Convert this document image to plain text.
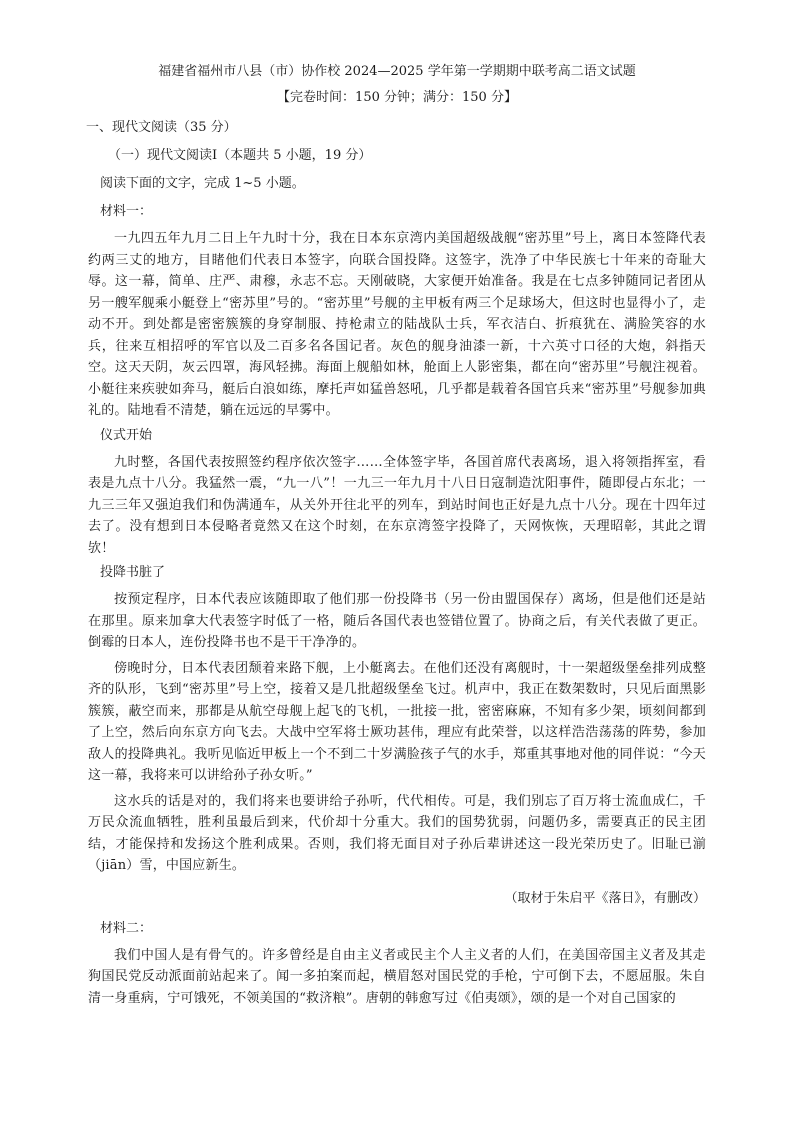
福建省福州市八县（市）协作校 2024—2025 学年第一学期期中联考高二语文试题

【完卷时间：150 分钟；满分：150 分】

一、现代文阅读（35 分）

（一）现代文阅读Ⅰ（本题共 5 小题，19 分）

阅读下面的文字，完成 1~5 小题。

材料一：

一九四五年九月二日上午九时十分，我在日本东京湾内美国超级战舰“密苏里”号上，离日本签降代表约两三丈的地方，目睹他们代表日本签字，向联合国投降。这签字，洗净了中华民族七十年来的奇耻大辱。这一幕，简单、庄严、肃穆，永志不忘。天刚破晓，大家便开始准备。我是在七点多钟随同记者团从另一艘军舰乘小艇登上“密苏里”号的。“密苏里”号舰的主甲板有两三个足球场大，但这时也显得小了，走动不开。到处都是密密簇簇的身穿制服、持枪肃立的陆战队士兵，军衣洁白、折痕犹在、满脸笑容的水兵，往来互相招呼的军官以及二百多名各国记者。灰色的舰身油漆一新，十六英寸口径的大炮，斜指天空。这天天阴，灰云四罩，海风轻拂。海面上舰船如林，舱面上人影密集，都在向“密苏里”号舰注视着。小艇往来疾驶如奔马，艇后白浪如练，摩托声如猛兽怒吼，几乎都是载着各国官兵来“密苏里”号舰参加典礼的。陆地看不清楚，躺在远远的早雾中。

仪式开始

九时整，各国代表按照签约程序依次签字……全体签字毕，各国首席代表离场，退入将领指挥室，看表是九点十八分。我猛然一震，“九一八”！一九三一年九月十八日日寇制造沈阳事件，随即侵占东北；一九三三年又强迫我们和伪满通车，从关外开往北平的列车，到站时间也正好是九点十八分。现在十四年过去了。没有想到日本侵略者竟然又在这个时刻，在东京湾签字投降了，天网恢恢，天理昭彰，其此之谓欤！

投降书脏了

按预定程序，日本代表应该随即取了他们那一份投降书（另一份由盟国保存）离场，但是他们还是站在那里。原来加拿大代表签字时低了一格，随后各国代表也签错位置了。协商之后，有关代表做了更正。倒霉的日本人，连份投降书也不是干干净净的。

傍晚时分，日本代表团颓着来路下舰，上小艇离去。在他们还没有离舰时，十一架超级堡垒排列成整齐的队形，飞到“密苏里”号上空，接着又是几批超级堡垒飞过。机声中，我正在数架数时，只见后面黑影簇簇，蔽空而来，那都是从航空母舰上起飞的飞机，一批接一批，密密麻麻，不知有多少架，顷刻间都到了上空，然后向东京方向飞去。大战中空军将士厥功甚伟，理应有此荣誉，以这样浩浩荡荡的阵势，参加敌人的投降典礼。我听见临近甲板上一个不到二十岁满脸孩子气的水手，郑重其事地对他的同伴说：“今天这一幕，我将来可以讲给孙子孙女听。”

这水兵的话是对的，我们将来也要讲给子孙听，代代相传。可是，我们别忘了百万将士流血成仁，千万民众流血牺牲，胜利虽最后到来，代价却十分重大。我们的国势犹弱，问题仍多，需要真正的民主团结，才能保持和发扬这个胜利成果。否则，我们将无面目对子孙后辈讲述这一段光荣历史了。旧耻已湔（jiān）雪，中国应新生。

（取材于朱启平《落日》，有删改）

材料二：

我们中国人是有骨气的。许多曾经是自由主义者或民主个人主义者的人们，在美国帝国主义者及其走狗国民党反动派面前站起来了。闻一多拍案而起，横眉怒对国民党的手枪，宁可倒下去，不愿屈服。朱自清一身重病，宁可饿死，不领美国的“救济粮”。唐朝的韩愈写过《伯夷颂》，颂的是一个对自己国家的
